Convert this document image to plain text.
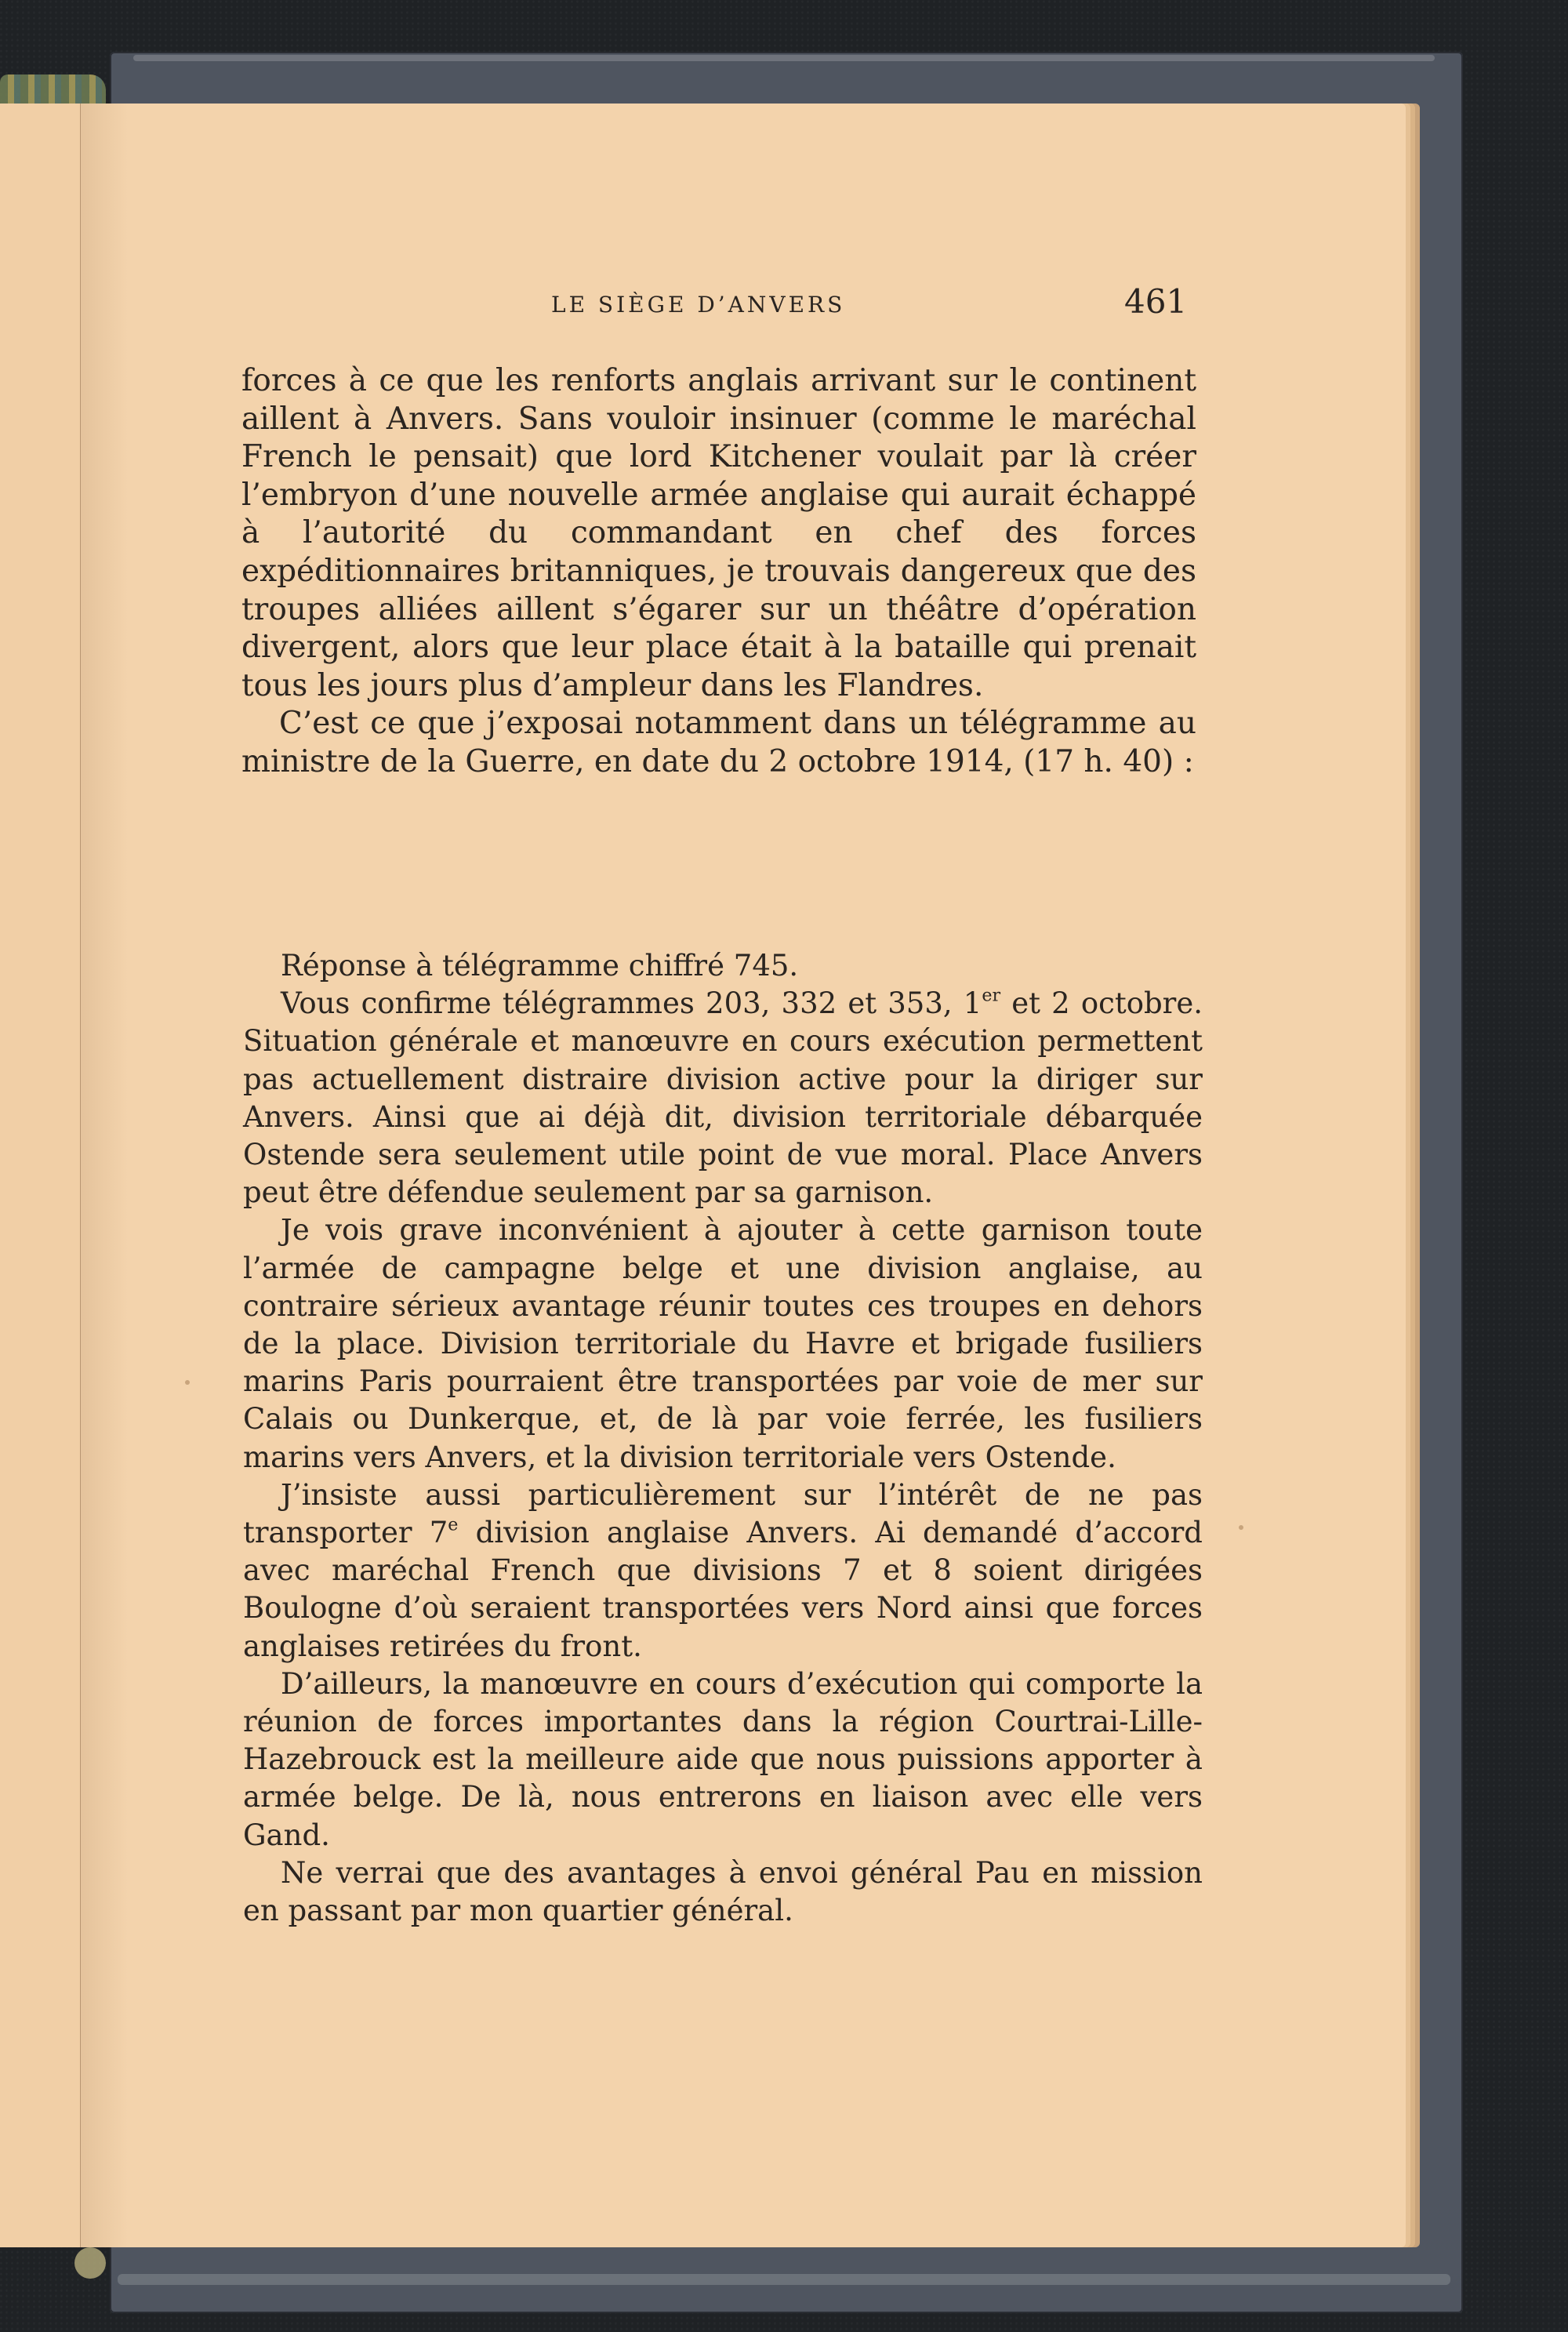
LE SIÈGE D’ANVERS	461

forces à ce que les renforts anglais arrivant sur le continent aillent à Anvers. Sans vouloir insinuer (comme le maréchal French le pensait) que lord Kitchener voulait par là créer l’embryon d’une nouvelle armée anglaise qui aurait échappé à l’autorité du commandant en chef des forces expéditionnaires britanniques, je trouvais dangereux que des troupes alliées aillent s’égarer sur un théâtre d’opération divergent, alors que leur place était à la bataille qui prenait tous les jours plus d’ampleur dans les Flandres.

C’est ce que j’exposai notamment dans un télégramme au ministre de la Guerre, en date du 2 octobre 1914, (17 h. 40) :

Réponse à télégramme chiffré 745.

Vous confirme télégrammes 203, 332 et 353, 1er et 2 octobre. Situation générale et manœuvre en cours exécution permettent pas actuellement distraire division active pour la diriger sur Anvers. Ainsi que ai déjà dit, division territoriale débarquée Ostende sera seulement utile point de vue moral. Place Anvers peut être défendue seulement par sa garnison.

Je vois grave inconvénient à ajouter à cette garnison toute l’armée de campagne belge et une division anglaise, au contraire sérieux avantage réunir toutes ces troupes en dehors de la place. Division territoriale du Havre et brigade fusiliers marins Paris pourraient être transportées par voie de mer sur Calais ou Dunkerque, et, de là par voie ferrée, les fusiliers marins vers Anvers, et la division territoriale vers Ostende.

J’insiste aussi particulièrement sur l’intérêt de ne pas transporter 7e division anglaise Anvers. Ai demandé d’accord avec maréchal French que divisions 7 et 8 soient dirigées Boulogne d’où seraient transportées vers Nord ainsi que forces anglaises retirées du front.

D’ailleurs, la manœuvre en cours d’exécution qui comporte la réunion de forces importantes dans la région Courtrai-Lille-Hazebrouck est la meilleure aide que nous puissions apporter à armée belge. De là, nous entrerons en liaison avec elle vers Gand.

Ne verrai que des avantages à envoi général Pau en mission en passant par mon quartier général.
